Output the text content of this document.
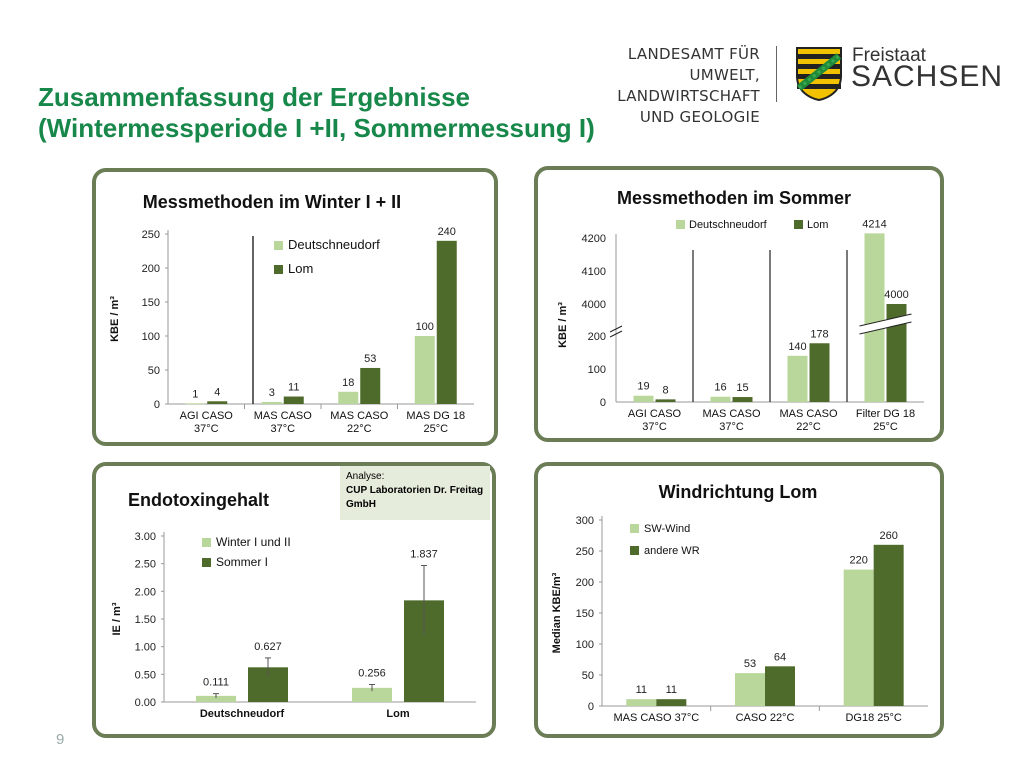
LANDESAMT FÜR UMWELT,
LANDWIRTSCHAFT
UND GEOLOGIE
Freistaat
SACHSEN
Zusammenfassung der Ergebnisse
(Wintermessperiode I +II, Sommermessung I)
Messmethoden im Winter I + II
0
50
100
150
200
250
KBE / m³
1 4
AGI CASO
37°C
3 11
MAS CASO
37°C
18
53
MAS CASO
22°C
100
240
MAS DG 18
25°C
Deutschneudorf
Lom
Messmethoden im Sommer
0
100
200
4000
4100
4200
KBE / m³
19 8
AGI CASO
37°C
16 15
MAS CASO
37°C
140
178
MAS CASO
22°C
4214
4000
Filter DG 18
25°C
Deutschneudorf	Lom
Endotoxingehalt
0.00
0.50
1.00
1.50
2.00
2.50
3.00
IE / m³
0.111
0.627
Deutschneudorf
0.256
1.837
Lom
Winter I und II
Sommer I
Windrichtung Lom
0
50
100
150
200
250
300
Median KBE/m³
11 11
MAS CASO 37°C
53
64
CASO 22°C
220
260
DG18 25°C
SW-Wind
andere WR
Analyse:
CUP Laboratorien Dr. Freitag GmbH
9
